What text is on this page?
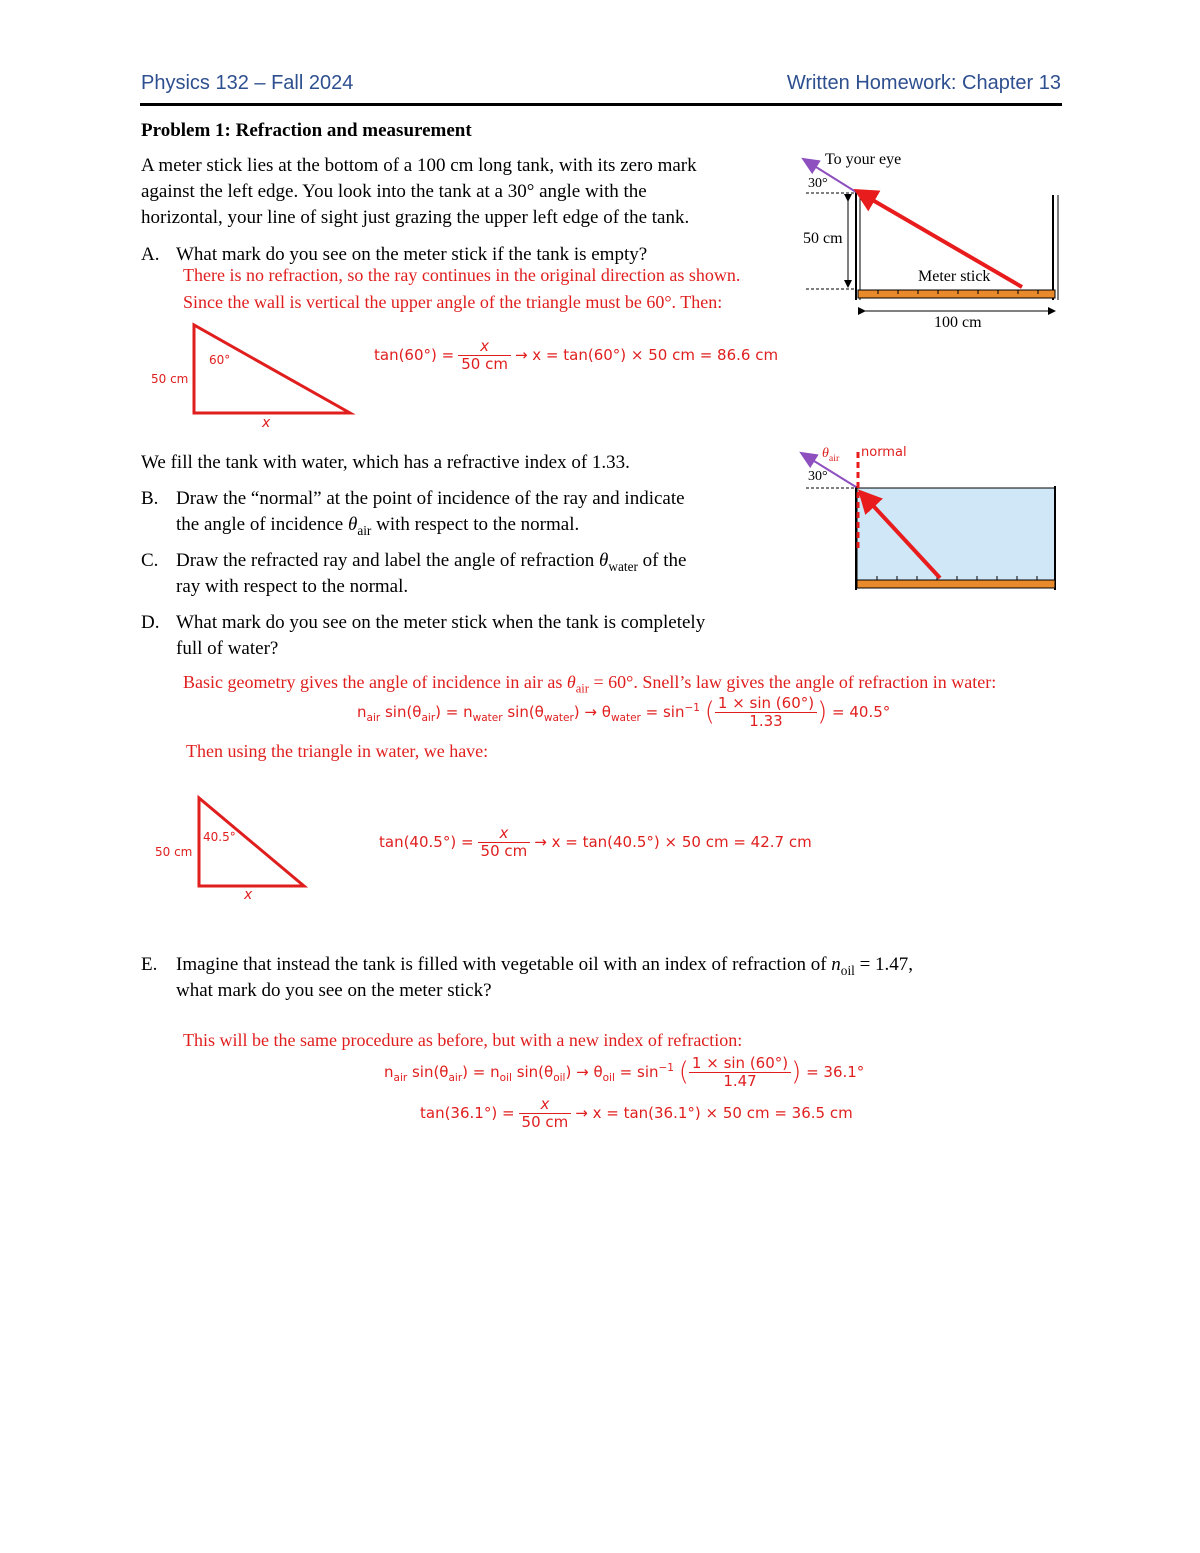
Physics 132 – Fall 2024	Written Homework: Chapter 13
Problem 1: Refraction and measurement
A meter stick lies at the bottom of a 100 cm long tank, with its zero mark
against the left edge. You look into the tank at a 30° angle with the
horizontal, your line of sight just grazing the upper left edge of the tank.
A. What mark do you see on the meter stick if the tank is empty?
There is no refraction, so the ray continues in the original direction as shown.
Since the wall is vertical the upper angle of the triangle must be 60°. Then:
50 cm
60°
x
$\tan(60^\circ) = \frac{x}{50 cm} \to x = \tan(60^\circ) \times 50$ cm = 86.6 cm
We fill the tank with water, which has a refractive index of 1.33.
B. Draw the “normal” at the point of incidence of the ray and indicate
the angle of incidence $\theta_{air}$ with respect to the normal.
C. Draw the refracted ray and label the angle of refraction $\theta_{water}$ of the
ray with respect to the normal.
D. What mark do you see on the meter stick when the tank is completely
full of water?
Basic geometry gives the angle of incidence in air as $\theta_{air} = 60^\circ$. Snell’s law gives the angle of refraction in water:
$n_{air}$ $\sin(\theta_{air}) = n_{water}$ $\sin(\theta_{water}) \to \theta_{water} = \sin^{-1}$ ( $\frac{1 \times \sin (60^\circ)}{1.33}$ ) = 40.5°
Then using the triangle in water, we have:
50 cm
40.5°
x
$\tan(40.5^\circ) = \frac{x}{50 cm} \to x = \tan(40.5^\circ) \times 50$ cm = 42.7 cm
E. Imagine that instead the tank is filled with vegetable oil with an index of refraction of $n_{oil} = 1.47$,
what mark do you see on the meter stick?
This will be the same procedure as before, but with a new index of refraction:
$n_{air}$ $\sin(\theta_{air}) = n_{oil}$ $\sin(\theta_{oil}) \to \theta_{oil} = \sin^{-1}$ ( $\frac{1 \times \sin (60^\circ)}{1.47}$ ) = 36.1°
$\tan(36.1^\circ) = \frac{x}{50 cm} \to x = \tan(36.1^\circ) \times 50$ cm = 36.5 cm
To your eye
30°
50 cm
Meter stick
100 cm
$\theta_{air}$ normal
30°
